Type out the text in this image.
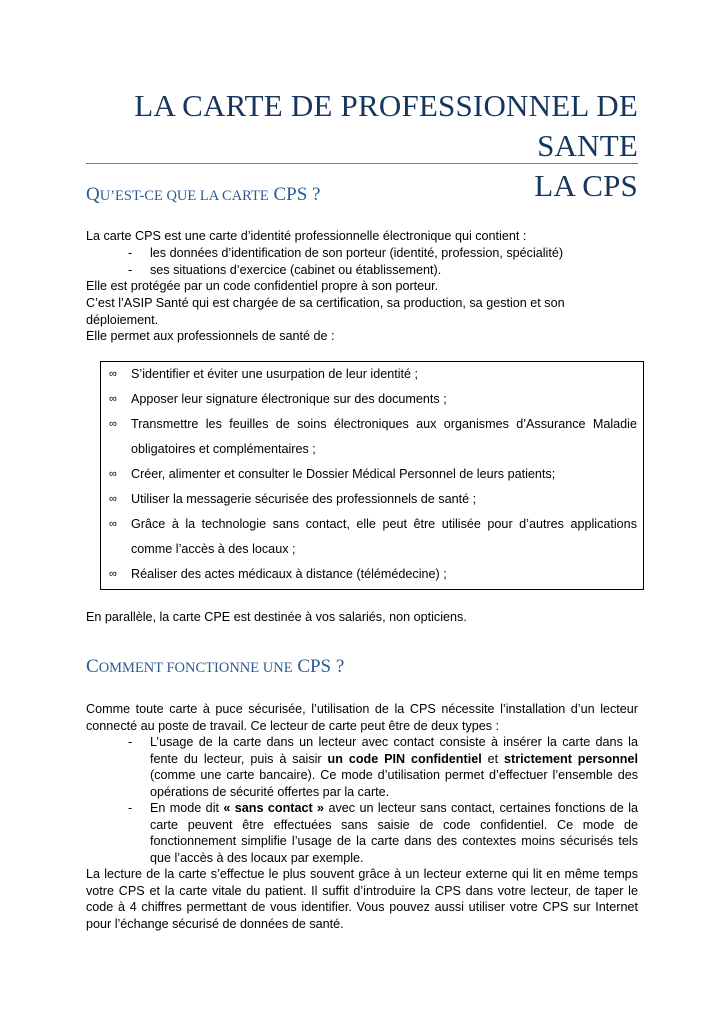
LA CARTE DE PROFESSIONNEL DE SANTE
LA CPS
QU’EST-CE QUE LA CARTE CPS ?
La carte CPS est une carte d’identité professionnelle électronique qui contient :
- les données d’identification de son porteur (identité, profession, spécialité)
- ses situations d’exercice (cabinet ou établissement).
Elle est protégée par un code confidentiel propre à son porteur.
C’est l’ASIP Santé qui est chargée de sa certification, sa production, sa gestion et son déploiement.
Elle permet aux professionnels de santé de :
∞	S’identifier et éviter une usurpation de leur identité ;
∞	Apposer leur signature électronique sur des documents ;
∞	Transmettre les feuilles de soins électroniques aux organismes d’Assurance Maladie obligatoires et complémentaires ;
∞	Créer, alimenter et consulter le Dossier Médical Personnel de leurs patients;
∞	Utiliser la messagerie sécurisée des professionnels de santé ;
∞	Grâce à la technologie sans contact, elle peut être utilisée pour d’autres applications comme l’accès à des locaux ;
∞	Réaliser des actes médicaux à distance (télémédecine) ;
En parallèle, la carte CPE est destinée à vos salariés, non opticiens.
COMMENT FONCTIONNE UNE CPS ?
Comme toute carte à puce sécurisée, l’utilisation de la CPS nécessite l’installation d’un lecteur connecté au poste de travail. Ce lecteur de carte peut être de deux types :
- L’usage de la carte dans un lecteur avec contact consiste à insérer la carte dans la fente du lecteur, puis à saisir un code PIN confidentiel et strictement personnel (comme une carte bancaire). Ce mode d’utilisation permet d’effectuer l’ensemble des opérations de sécurité offertes par la carte.
- En mode dit « sans contact » avec un lecteur sans contact, certaines fonctions de la carte peuvent être effectuées sans saisie de code confidentiel. Ce mode de fonctionnement simplifie l’usage de la carte dans des contextes moins sécurisés tels que l’accès à des locaux par exemple.
La lecture de la carte s’effectue le plus souvent grâce à un lecteur externe qui lit en même temps votre CPS et la carte vitale du patient. Il suffit d’introduire la CPS dans votre lecteur, de taper le code à 4 chiffres permettant de vous identifier. Vous pouvez aussi utiliser votre CPS sur Internet pour l’échange sécurisé de données de santé.
